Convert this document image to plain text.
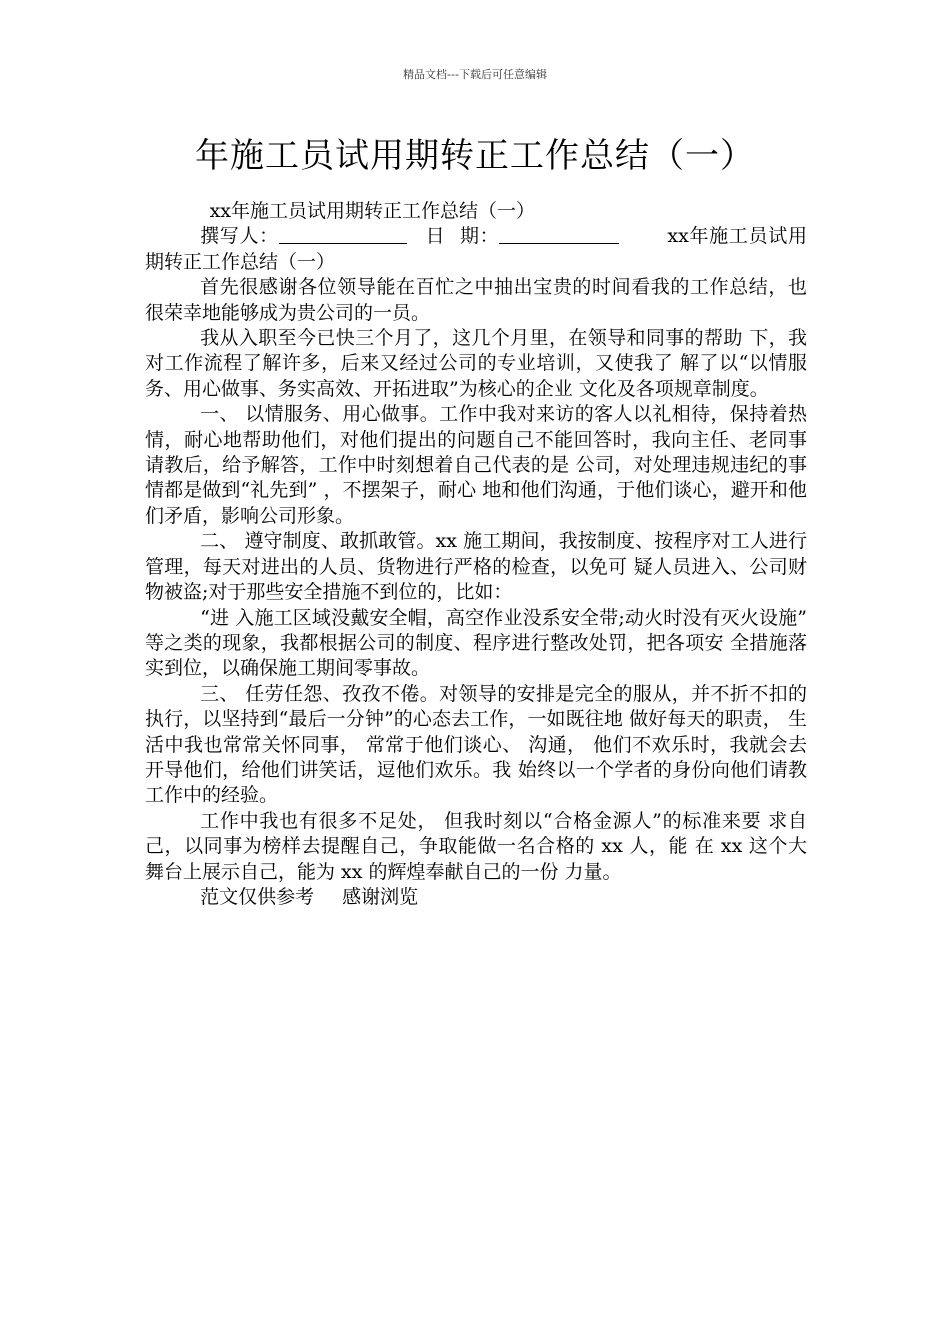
精品文档---下载后可任意编辑
年施工员试用期转正工作总结（一）

xx年施工员试用期转正工作总结（一）

撰写人：	日 期：	xx年施工员试用期转正工作总结（一）

首先很感谢各位领导能在百忙之中抽出宝贵的时间看我的工作总结，也很荣幸地能够成为贵公司的一员。

我从入职至今已快三个月了，这几个月里，在领导和同事的帮助 下，我对工作流程了解许多，后来又经过公司的专业培训，又使我了 解了以“以情服务、用心做事、务实高效、开拓进取”为核心的企业 文化及各项规章制度。

一、 以情服务、用心做事。工作中我对来访的客人以礼相待，保持着热情，耐心地帮助他们，对他们提出的问题自己不能回答时，我向主任、老同事请教后，给予解答，工作中时刻想着自己代表的是 公司，对处理违规违纪的事情都是做到“礼先到” ，不摆架子，耐心 地和他们沟通，于他们谈心，避开和他们矛盾，影响公司形象。

二、 遵守制度、敢抓敢管。xx 施工期间，我按制度、按程序对工人进行管理，每天对进出的人员、货物进行严格的检查，以免可 疑人员进入、公司财物被盗;对于那些安全措施不到位的，比如：

“进 入施工区域没戴安全帽，高空作业没系安全带;动火时没有灭火设施” 等之类的现象，我都根据公司的制度、程序进行整改处罚，把各项安 全措施落实到位，以确保施工期间零事故。

三、 任劳任怨、孜孜不倦。对领导的安排是完全的服从，并不折不扣的执行，以坚持到“最后一分钟”的心态去工作，一如既往地 做好每天的职责， 生活中我也常常关怀同事， 常常于他们谈心、 沟通， 他们不欢乐时，我就会去开导他们，给他们讲笑话，逗他们欢乐。我 始终以一个学者的身份向他们请教工作中的经验。

工作中我也有很多不足处， 但我时刻以“合格金源人”的标准来要 求自己，以同事为榜样去提醒自己，争取能做一名合格的 xx 人，能 在 xx 这个大舞台上展示自己，能为 xx 的辉煌奉献自己的一份 力量。

范文仅供参考 感谢浏览
